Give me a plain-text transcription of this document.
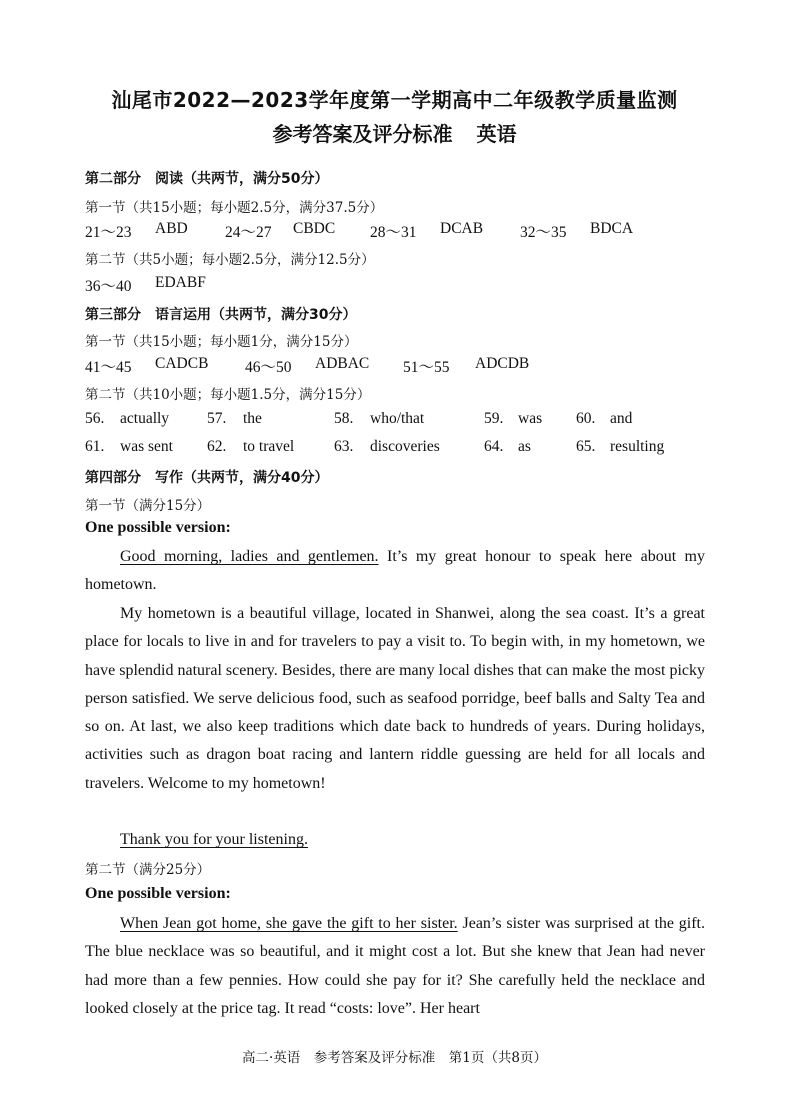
汕尾市2022—2023学年度第一学期高中二年级教学质量监测
参考答案及评分标准 英语
第二部分　阅读（共两节，满分50分）
第一节（共15小题；每小题2.5分，满分37.5分）
21～23 ABD 24～27 CBDC 28～31 DCAB 32～35 BDCA
第二节（共5小题；每小题2.5分，满分12.5分）
36～40 EDABF
第三部分　语言运用（共两节，满分30分）
第一节（共15小题；每小题1分，满分15分）
41～45 CADCB 46～50 ADBAC 51～55 ADCDB
第二节（共10小题；每小题1.5分，满分15分）
56. actually 57. the	58. who/that	59. was 60. and
61. was sent 62. to travel	63. discoveries	64. as	65. resulting
第四部分　写作（共两节，满分40分）
第一节（满分15分）
One possible version:
Good morning, ladies and gentlemen. It’s my great honour to speak here about my hometown.
My hometown is a beautiful village, located in Shanwei, along the sea coast. It’s a great place for locals to live in and for travelers to pay a visit to. To begin with, in my hometown, we have splendid natural scenery. Besides, there are many local dishes that can make the most picky person satisfied. We serve delicious food, such as seafood porridge, beef balls and Salty Tea and so on. At last, we also keep traditions which date back to hundreds of years. During holidays, activities such as dragon boat racing and lantern riddle guessing are held for all locals and travelers. Welcome to my hometown!
Thank you for your listening.
第二节（满分25分）
One possible version:
When Jean got home, she gave the gift to her sister. Jean’s sister was surprised at the gift. The blue necklace was so beautiful, and it might cost a lot. But she knew that Jean had never had more than a few pennies. How could she pay for it? She carefully held the necklace and looked closely at the price tag. It read “costs: love”. Her heart
高二·英语　参考答案及评分标准　第1页（共8页）
